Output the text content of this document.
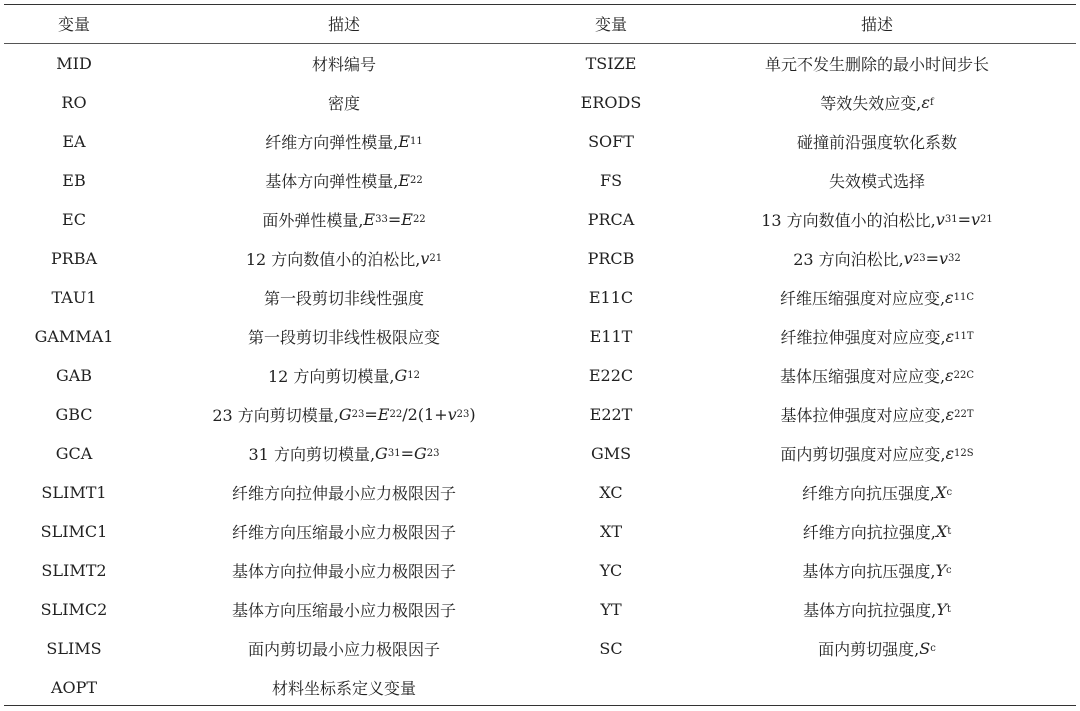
变量	描述	变量	描述
MID	材料编号	TSIZE	单元不发生删除的最小时间步长
RO	密度	ERODS	等效失效应变, ε f
EA	纤维方向弹性模量, E 11	SOFT	碰撞前沿强度软化系数
EB	基体方向弹性模量, E 22	FS	失效模式选择
EC	面外弹性模量, E 33 = E 22	PRCA	13 方向数值小的泊松比, v 31 = v 21
PRBA	12 方向数值小的泊松比, v 21	PRCB	23 方向泊松比, v 23 = v 32
TAU1	第一段剪切非线性强度	E11C	纤维压缩强度对应应变, ε 11C
GAMMA1	第一段剪切非线性极限应变	E11T	纤维拉伸强度对应应变, ε 11T
GAB	12 方向剪切模量, G 12	E22C	基体压缩强度对应应变, ε 22C
GBC	23 方向剪切模量, G 23 = E 22 /2(1+ v 23 )	E22T	基体拉伸强度对应应变, ε 22T
GCA	31 方向剪切模量, G 31 = G 23	GMS	面内剪切强度对应应变, ε 12S
SLIMT1	纤维方向拉伸最小应力极限因子	XC	纤维方向抗压强度, X c
SLIMC1	纤维方向压缩最小应力极限因子	XT	纤维方向抗拉强度, X t
SLIMT2	基体方向拉伸最小应力极限因子	YC	基体方向抗压强度, Y c
SLIMC2	基体方向压缩最小应力极限因子	YT	基体方向抗拉强度, Y t
SLIMS	面内剪切最小应力极限因子	SC	面内剪切强度, S c
AOPT	材料坐标系定义变量
